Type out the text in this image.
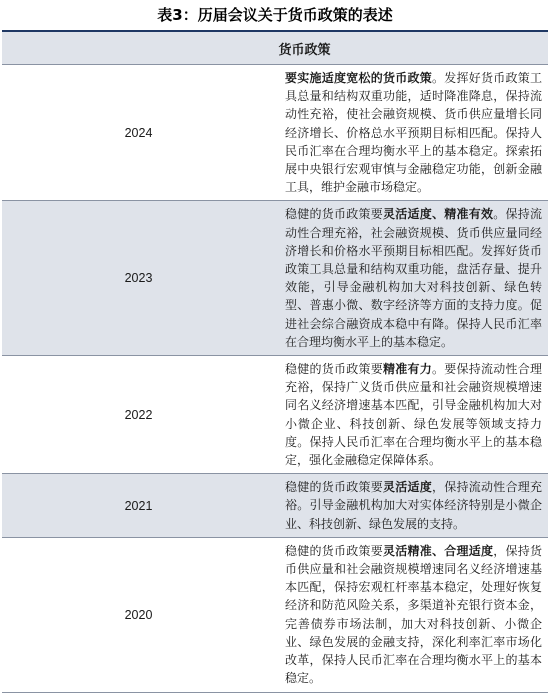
表3：历届会议关于货币政策的表述
货币政策	
2024	要实施适度宽松的货币政策。发挥好货币政策工具总量和结构双重功能，适时降准降息，保持流动性充裕，使社会融资规模、货币供应量增长同经济增长、价格总水平预期目标相匹配。保持人民币汇率在合理均衡水平上的基本稳定。探索拓展中央银行宏观审慎与金融稳定功能，创新金融工具，维护金融市场稳定。
2023	稳健的货币政策要灵活适度、精准有效。保持流动性合理充裕，社会融资规模、货币供应量同经济增长和价格水平预期目标相匹配。发挥好货币政策工具总量和结构双重功能，盘活存量、提升效能，引导金融机构加大对科技创新、绿色转型、普惠小微、数字经济等方面的支持力度。促进社会综合融资成本稳中有降。保持人民币汇率在合理均衡水平上的基本稳定。
2022	稳健的货币政策要精准有力。要保持流动性合理充裕，保持广义货币供应量和社会融资规模增速同名义经济增速基本匹配，引导金融机构加大对小微企业、科技创新、绿色发展等领域支持力度。保持人民币汇率在合理均衡水平上的基本稳定，强化金融稳定保障体系。
2021	稳健的货币政策要灵活适度，保持流动性合理充裕。引导金融机构加大对实体经济特别是小微企业、科技创新、绿色发展的支持。
2020	稳健的货币政策要灵活精准、合理适度，保持货币供应量和社会融资规模增速同名义经济增速基本匹配，保持宏观杠杆率基本稳定，处理好恢复经济和防范风险关系，多渠道补充银行资本金，完善债券市场法制，加大对科技创新、小微企业、绿色发展的金融支持，深化利率汇率市场化改革，保持人民币汇率在合理均衡水平上的基本稳定。
